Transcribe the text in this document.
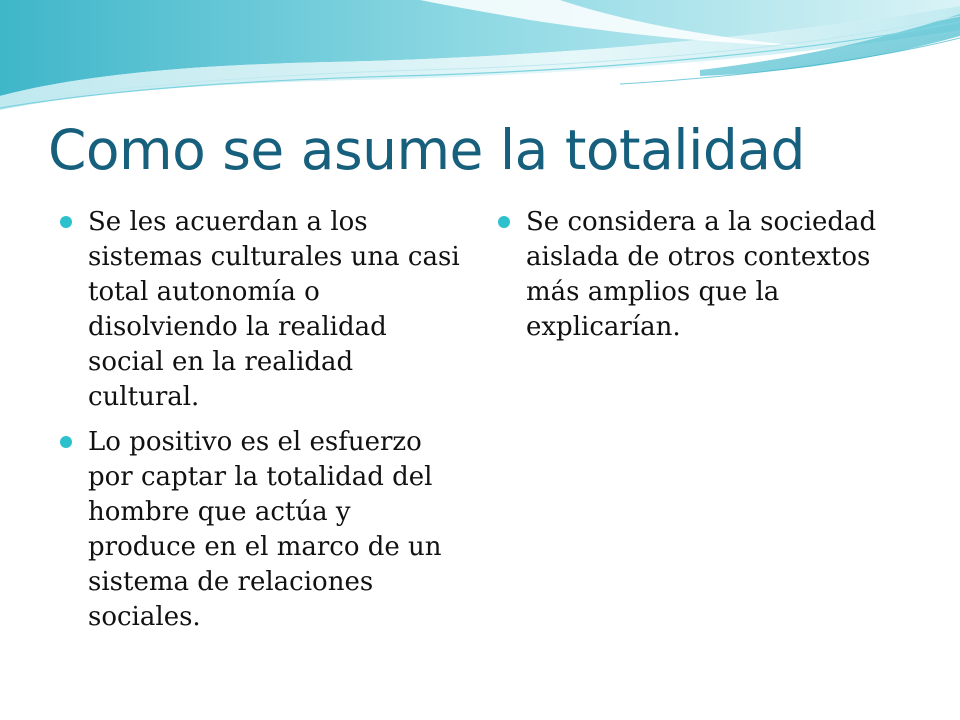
Como se asume la totalidad
Se les acuerdan a los sistemas culturales una casi total autonomía o disolviendo la realidad social en la realidad cultural.
Lo positivo es el esfuerzo por captar la totalidad del hombre que actúa y produce en el marco de un sistema de relaciones sociales.
Se considera a la sociedad aislada de otros contextos más amplios que la explicarían.
